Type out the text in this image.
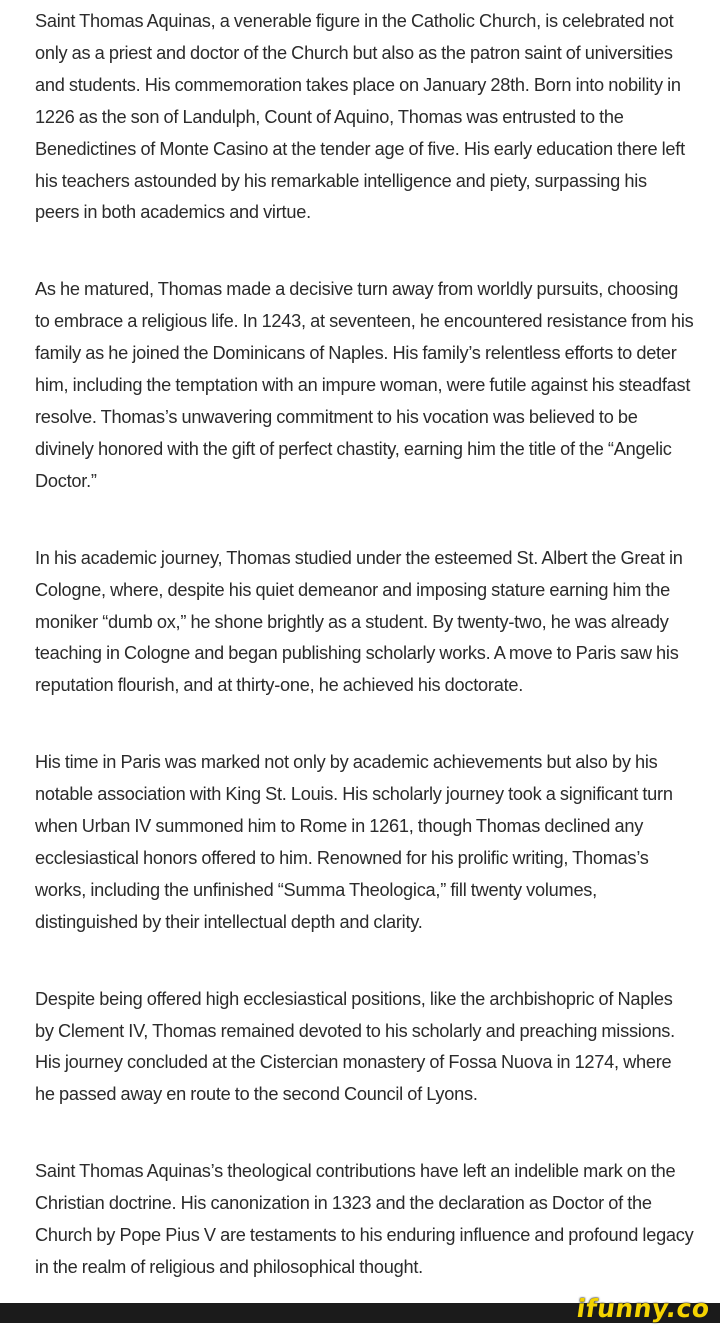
Saint Thomas Aquinas, a venerable figure in the Catholic Church, is celebrated not only as a priest and doctor of the Church but also as the patron saint of universities and students. His commemoration takes place on January 28th. Born into nobility in 1226 as the son of Landulph, Count of Aquino, Thomas was entrusted to the Benedictines of Monte Casino at the tender age of five. His early education there left his teachers astounded by his remarkable intelligence and piety, surpassing his peers in both academics and virtue.

As he matured, Thomas made a decisive turn away from worldly pursuits, choosing to embrace a religious life. In 1243, at seventeen, he encountered resistance from his family as he joined the Dominicans of Naples. His family’s relentless efforts to deter him, including the temptation with an impure woman, were futile against his steadfast resolve. Thomas’s unwavering commitment to his vocation was believed to be divinely honored with the gift of perfect chastity, earning him the title of the “Angelic Doctor.”

In his academic journey, Thomas studied under the esteemed St. Albert the Great in Cologne, where, despite his quiet demeanor and imposing stature earning him the moniker “dumb ox,” he shone brightly as a student. By twenty-two, he was already teaching in Cologne and began publishing scholarly works. A move to Paris saw his reputation flourish, and at thirty-one, he achieved his doctorate.

His time in Paris was marked not only by academic achievements but also by his notable association with King St. Louis. His scholarly journey took a significant turn when Urban IV summoned him to Rome in 1261, though Thomas declined any ecclesiastical honors offered to him. Renowned for his prolific writing, Thomas’s works, including the unfinished “Summa Theologica,” fill twenty volumes, distinguished by their intellectual depth and clarity.

Despite being offered high ecclesiastical positions, like the archbishopric of Naples by Clement IV, Thomas remained devoted to his scholarly and preaching missions. His journey concluded at the Cistercian monastery of Fossa Nuova in 1274, where he passed away en route to the second Council of Lyons.

Saint Thomas Aquinas’s theological contributions have left an indelible mark on the Christian doctrine. His canonization in 1323 and the declaration as Doctor of the Church by Pope Pius V are testaments to his enduring influence and profound legacy in the realm of religious and philosophical thought.

ifunny.co
